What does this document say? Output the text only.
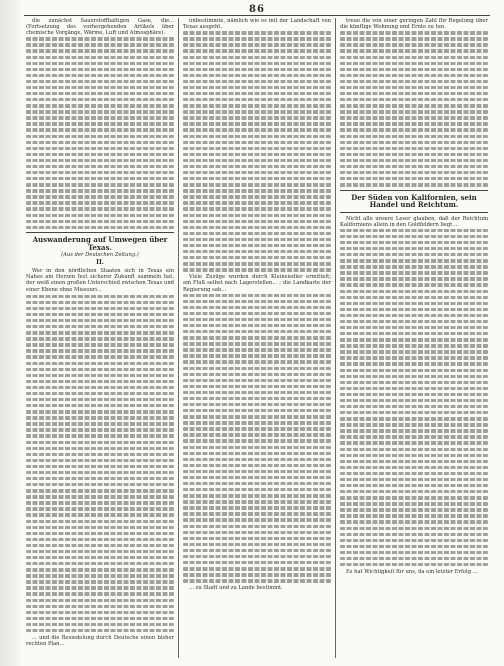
86

die zunächst Sauerstoffhaltigen Gase, die... (Fortsetzung des vorhergehenden Artikels über chemische Vorgänge, Wärme, Luft und Atmosphäre).

Auswanderung auf Umwegen über Texas.
(Aus der Deutschen Zeitung.)
II.

Wer in den nördlichen Staaten sich in Texas ein Nahes am Herzen fest sicherer Zukunft sammeln hat, der weiß einen großen Unterschied zwischen Texas und einer Ebene ohne Missouri...

... und die Besiedelung durch Deutsche einen bisher rechten Plan...

unbestimmte, nämlich wie es mit der Landschaft von Texas ausgeht.

Viele Zuzüge wurden durch Kleinsiedler ermittelt; am Fluß selbst nach Lagerstellen... ; die Landkarte der Regierung sah...

... zu Stadt und zu Lande bestimmt.

treue die von einer geringen Zahl für Regelung über die künftige Wohnung und Ernte zu tun.

Der Süden von Kalifornien, sein Handel und Reichtum.

Nicht alle unsere Leser glauben, daß der Reichtum Kaliforniens allein in den Goldfeldern liegt ...

Es hat Wichtigkeit für uns, da ein letzter Erfolg ...
